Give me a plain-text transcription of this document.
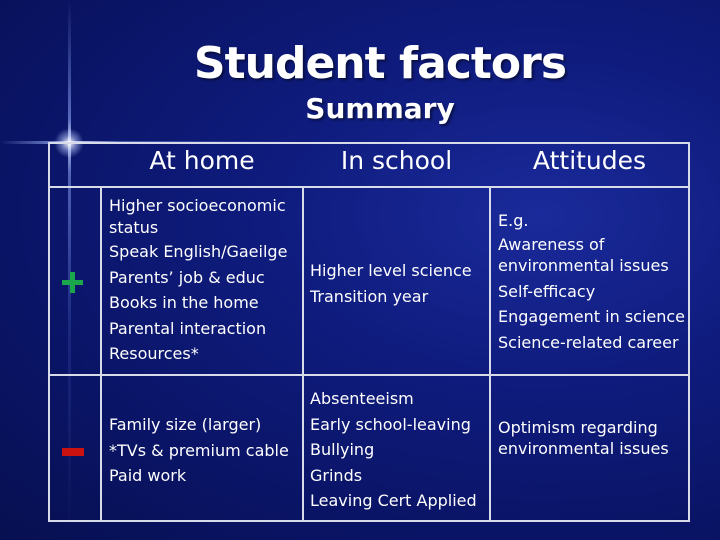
Student factors
Summary
At home	In school	Attitudes
Higher socioeconomic
status
Speak English/Gaeilge
Parents’ job & educ
Books in the home
Parental interaction
Resources*
Higher level science
Transition year
E.g.
Awareness of
environmental issues
Self-efficacy
Engagement in science
Science-related career
Family size (larger)
*TVs & premium cable
Paid work
Absenteeism
Early school-leaving
Bullying
Grinds
Leaving Cert Applied
Optimism regarding
environmental issues
